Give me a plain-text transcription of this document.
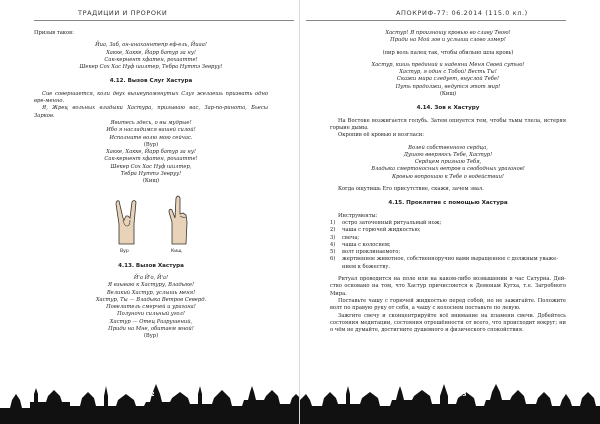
ТРАДИЦИИ И ПРОРОКИ

Призыв таков:

Йиа, Заб, он-инаханнтепр еф-ель, Йиаа!

Хакке, Хакке, Йарр батур за ну!

Сак-кернент хфатен, рохаатте!

Шекер Сох Хас Нуф шилтер, Тебра Нуттэ Зевруу!

4.12. Вызов Слуг Хастура

Сие совершается, коли двух вышеупомянутых Слуг желаешь призвать одно вре-менно.

Я, Жрец вольных владыки Хастура, призываю вас, Зар-по-ринота, Бьесы Зарков.

Явитесь здесь, о вы мудрые!

Ибо я насладимся вашей силой!

Исполните волю мою сейчас.

(Вур)

Хакке, Хакке, Йарр батур за ну!

Сак-кернент хфатен, рохаатте!

Шекер Сох Хас Нуф шилтер,

Тебра Нуттэ Зевруу!

(Кищ)

Вур	Кищ

4.13. Вызов Хастура

Й'а Й'о, Й'а!

Я взываю к Хастуру, Владыке!

Великий Хастур, услышь меня!

Хастур, Ты — Владыка Ветров Северд.

Повелитель смерчей и урагана!

Полуночи сильный угол!

Хастур — Отец Разрушений,

Приди на Мне, обитаем мной!

(Вур)

162
АПОКРИФ-77: 06.2014 (115.0 кл.)

Хастур! Я произношу кровью во славу Твою!

Приди на Мой зов и услыши слово эзмер!

(пир воль палец так, чтобы обильно шла кровь)

Хастур, кишь преданий и надеяни Меня Своей сутью!

Хастур, я один с Тобой! Весть Ты!

Скажи мира следует, внуслой Тебе!

Путь продолжи, ведутся этот мир!

(Кищ)

4.14. Зов к Хастуру

На Востоке возжигается голубь. Затем опнуется тем, чтобы тьмы тлела, истеряя горыие дымы.

Окропив её кровью и возгласи:

Волей собственного сердца,

Душою вверяюсь Тебе, Хастур!

Сердцем признаю Тебя,

Владыка смертоносных ветров и свободных ураганов!

Кровью вопрошаю к Тебе о водействии!

Когда ощутишь Его присутствие, скажи, зачем звал.

4.15. Проклятие с помощью Хастура

Инструменты:

1)	остро заточенный ритуальный нож;
2)	чаша с горючей жидкостью;
3)	свеча;
4)	чаша с колоснем;
5)	волт проклинаемого;
6)	жертвенное животное, собственноручно вами выращенное с должным уваже-нием к божеству.

Ритуал проводится на поле или на каком-либо возвышении в час Сатурна. Дей-ство основано на том, что Хастур причисляется к Демонам Кугха, т.е. Загробного Мира.

Поставьте чашу с горючей жидкостью перед собой, но не зажигайте. Положите волт по правую руку от себя, а чашу с колоснем поставьте по левую.

Зажгите свечу и сконцентрируйте всё внимание на пламени свечи. Добейтесь состояния медитации, состояния отрешённости от всего, что происходит вокруг; ни о чём не думайте, достигните душевного и физического спокойствия.

163
